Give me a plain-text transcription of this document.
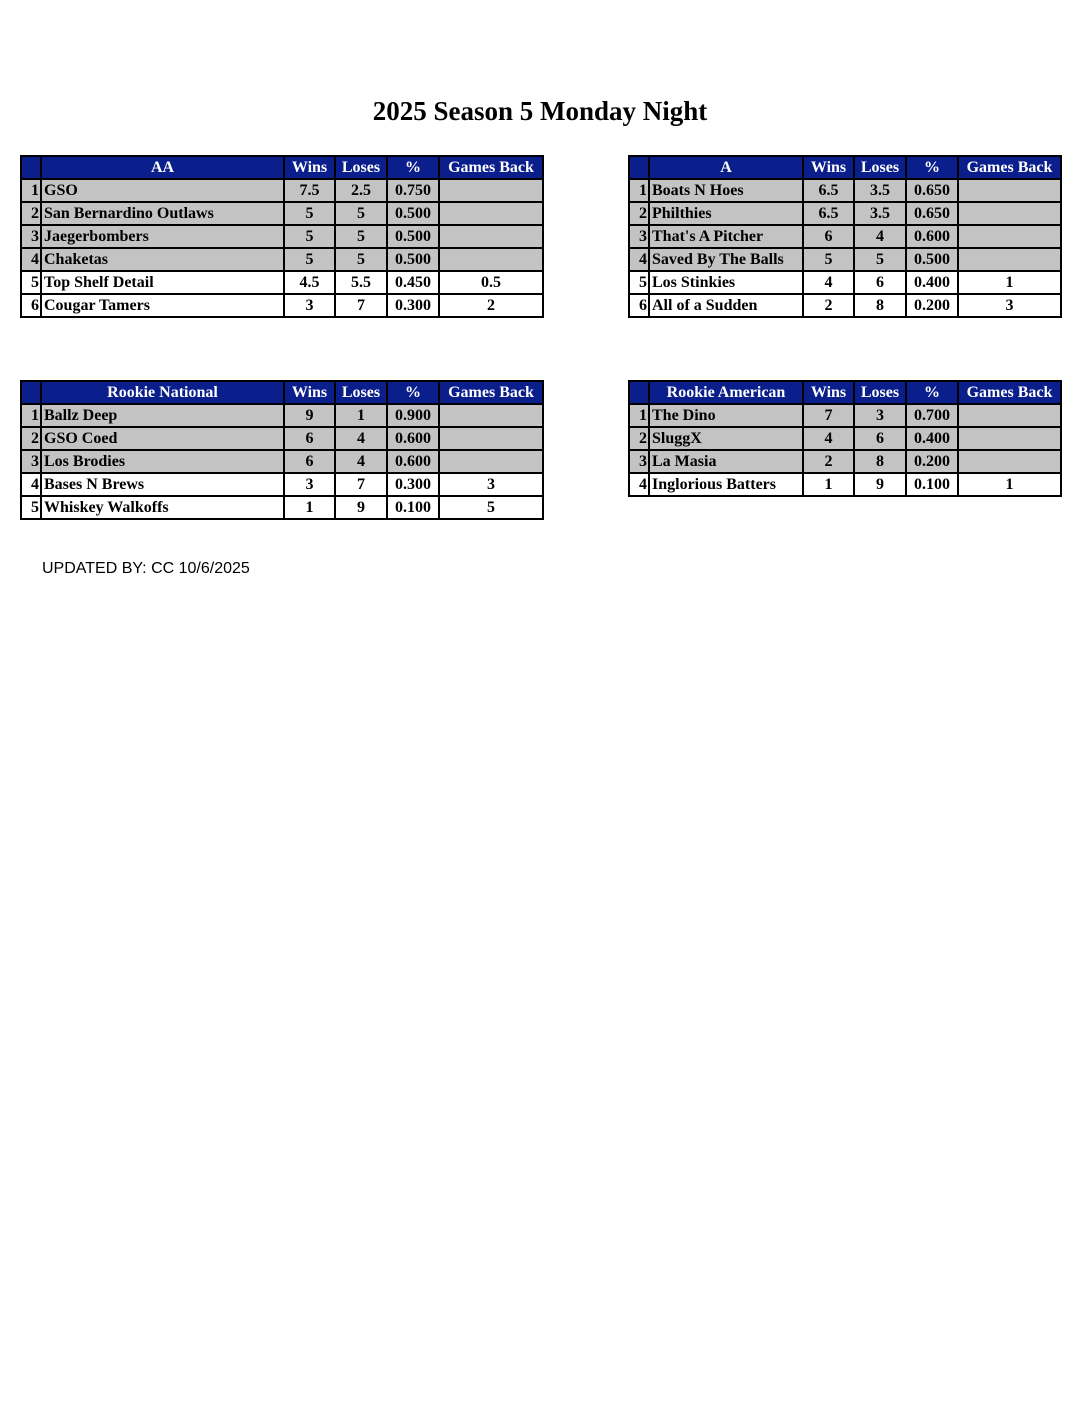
2025 Season 5 Monday Night
	AA	Wins	Loses	%	Games Back
1	GSO	7.5	2.5	0.750	
2	San Bernardino Outlaws	5	5	0.500	
3	Jaegerbombers	5	5	0.500	
4	Chaketas	5	5	0.500	
5	Top Shelf Detail	4.5	5.5	0.450	0.5
6	Cougar Tamers	3	7	0.300	2
	A	Wins	Loses	%	Games Back
1	Boats N Hoes	6.5	3.5	0.650	
2	Philthies	6.5	3.5	0.650	
3	That's A Pitcher	6	4	0.600	
4	Saved By The Balls	5	5	0.500	
5	Los Stinkies	4	6	0.400	1
6	All of a Sudden	2	8	0.200	3
	Rookie National	Wins	Loses	%	Games Back
1	Ballz Deep	9	1	0.900	
2	GSO Coed	6	4	0.600	
3	Los Brodies	6	4	0.600	
4	Bases N Brews	3	7	0.300	3
5	Whiskey Walkoffs	1	9	0.100	5
	Rookie American	Wins	Loses	%	Games Back
1	The Dino	7	3	0.700	
2	SluggX	4	6	0.400	
3	La Masia	2	8	0.200	
4	Inglorious Batters	1	9	0.100	1
UPDATED BY: CC 10/6/2025
